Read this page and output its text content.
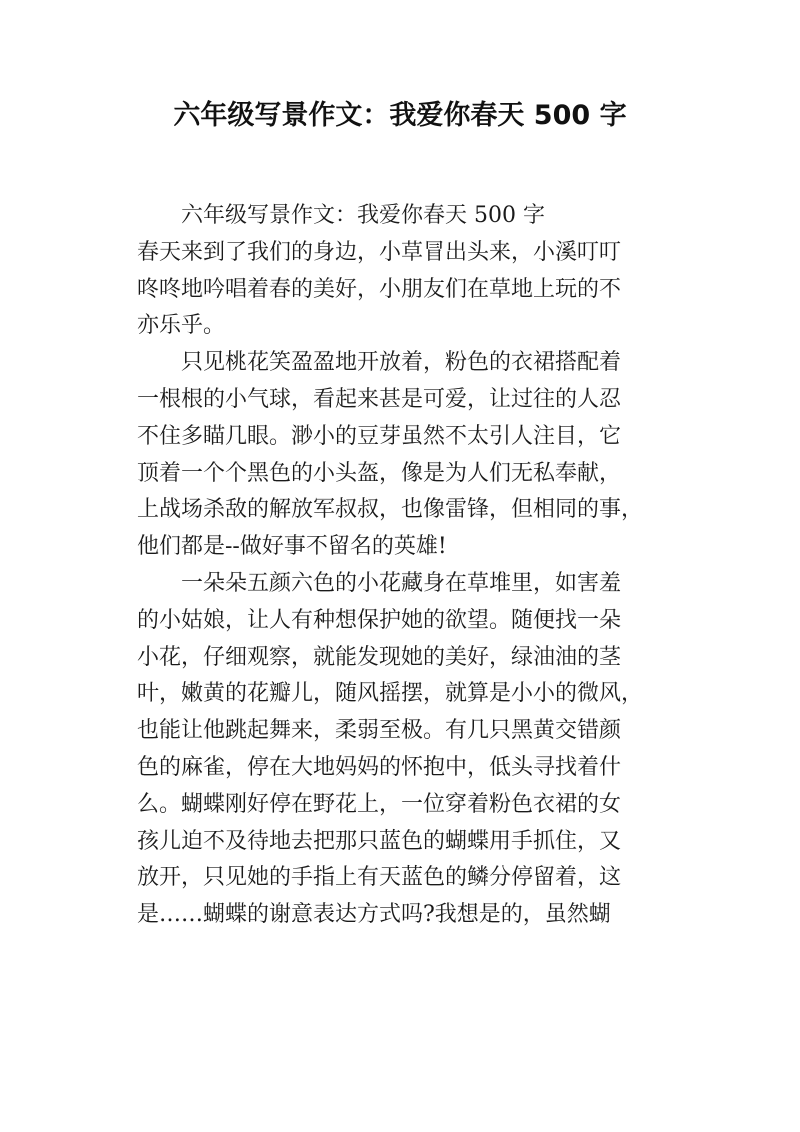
六年级写景作文：我爱你春天 500 字
六年级写景作文：我爱你春天 500 字
春天来到了我们的身边，小草冒出头来，小溪叮叮
咚咚地吟唱着春的美好，小朋友们在草地上玩的不
亦乐乎。
只见桃花笑盈盈地开放着，粉色的衣裙搭配着
一根根的小气球，看起来甚是可爱，让过往的人忍
不住多瞄几眼。渺小的豆芽虽然不太引人注目，它
顶着一个个黑色的小头盔，像是为人们无私奉献，
上战场杀敌的解放军叔叔，也像雷锋，但相同的事，
他们都是--做好事不留名的英雄!
一朵朵五颜六色的小花藏身在草堆里，如害羞
的小姑娘，让人有种想保护她的欲望。随便找一朵
小花，仔细观察，就能发现她的美好，绿油油的茎
叶，嫩黄的花瓣儿，随风摇摆，就算是小小的微风，
也能让他跳起舞来，柔弱至极。有几只黑黄交错颜
色的麻雀，停在大地妈妈的怀抱中，低头寻找着什
么。蝴蝶刚好停在野花上，一位穿着粉色衣裙的女
孩儿迫不及待地去把那只蓝色的蝴蝶用手抓住，又
放开，只见她的手指上有天蓝色的鳞分停留着，这
是……蝴蝶的谢意表达方式吗?我想是的，虽然蝴
